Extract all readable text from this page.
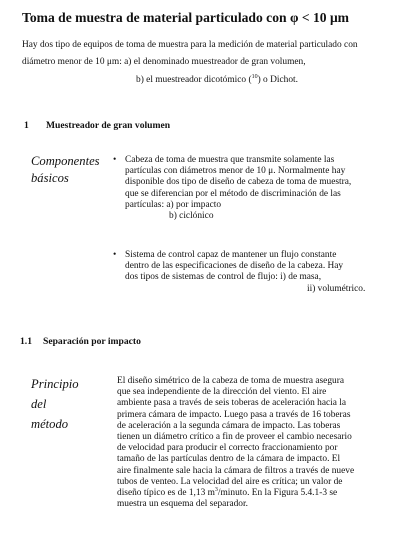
Toma de muestra de material particulado con φ < 10 μm
Hay dos tipo de equipos de toma de muestra para la medición de material particulado con
diámetro menor de 10 μm: a) el denominado muestreador de gran volumen,
b) el muestreador dicotómico ($^{10}$) o Dichot.
1 Muestreador de gran volumen
Componentes
básicos
• Cabeza de toma de muestra que transmite solamente las
partículas con diámetros menor de 10 μ. Normalmente hay
disponible dos tipo de diseño de cabeza de toma de muestra,
que se diferencian por el método de discriminación de las
partículas: a) por impacto
b) ciclónico
• Sistema de control capaz de mantener un flujo constante
dentro de las especificaciones de diseño de la cabeza. Hay
dos tipos de sistemas de control de flujo: i) de masa,
ii) volumétrico.
1.1 Separación por impacto
Principio
del
método
El diseño simétrico de la cabeza de toma de muestra asegura
que sea independiente de la dirección del viento. El aire
ambiente pasa a través de seis toberas de aceleración hacia la
primera cámara de impacto. Luego pasa a través de 16 toberas
de aceleración a la segunda cámara de impacto. Las toberas
tienen un diámetro crítico a fin de proveer el cambio necesario
de velocidad para producir el correcto fraccionamiento por
tamaño de las partículas dentro de la cámara de impacto. El
aire finalmente sale hacia la cámara de filtros a través de nueve
tubos de venteo. La velocidad del aire es crítica; un valor de
diseño típico es de 1,13 $m^3$/minuto. En la Figura 5.4.1-3 se
muestra un esquema del separador.
